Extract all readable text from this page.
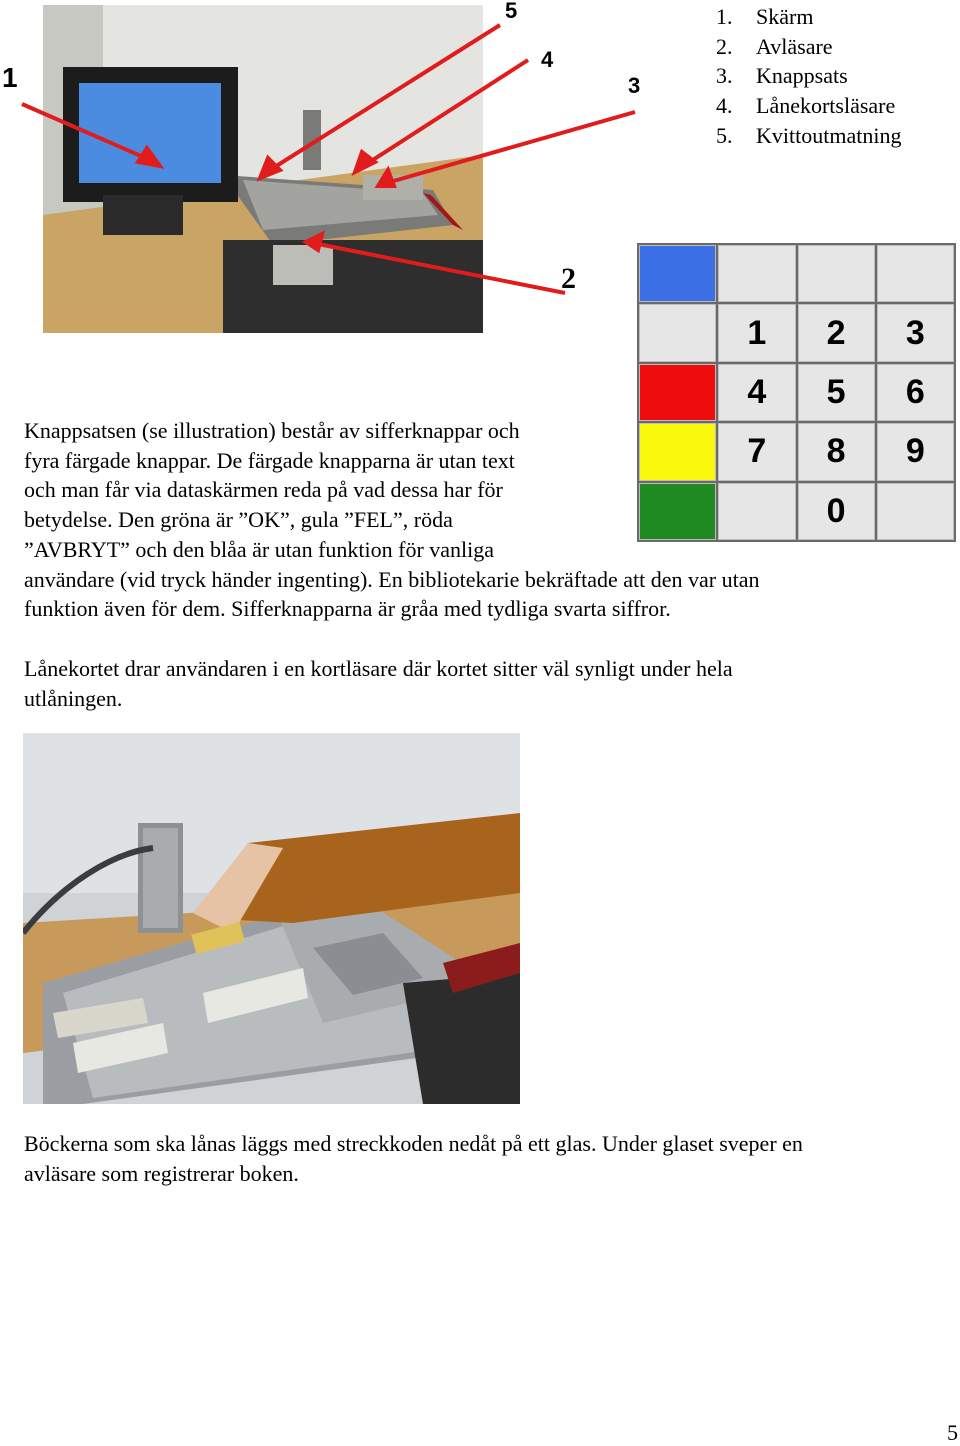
1
5
4
3
2
1. Skärm
2. Avläsare
3. Knappsats
4. Lånekortsläsare
5. Kvittoutmatning
1	2	3
4	5	6
7	8	9
0
Knappsatsen (se illustration) består av sifferknappar och
fyra färgade knappar. De färgade knapparna är utan text
och man får via dataskärmen reda på vad dessa har för
betydelse. Den gröna är ”OK”, gula ”FEL”, röda
”AVBRYT” och den blåa är utan funktion för vanliga
användare (vid tryck händer ingenting). En bibliotekarie bekräftade att den var utan
funktion även för dem. Sifferknapparna är gråa med tydliga svarta siffror.
Lånekortet drar användaren i en kortläsare där kortet sitter väl synligt under hela
utlåningen.
Böckerna som ska lånas läggs med streckkoden nedåt på ett glas. Under glaset sveper en
avläsare som registrerar boken.
5
